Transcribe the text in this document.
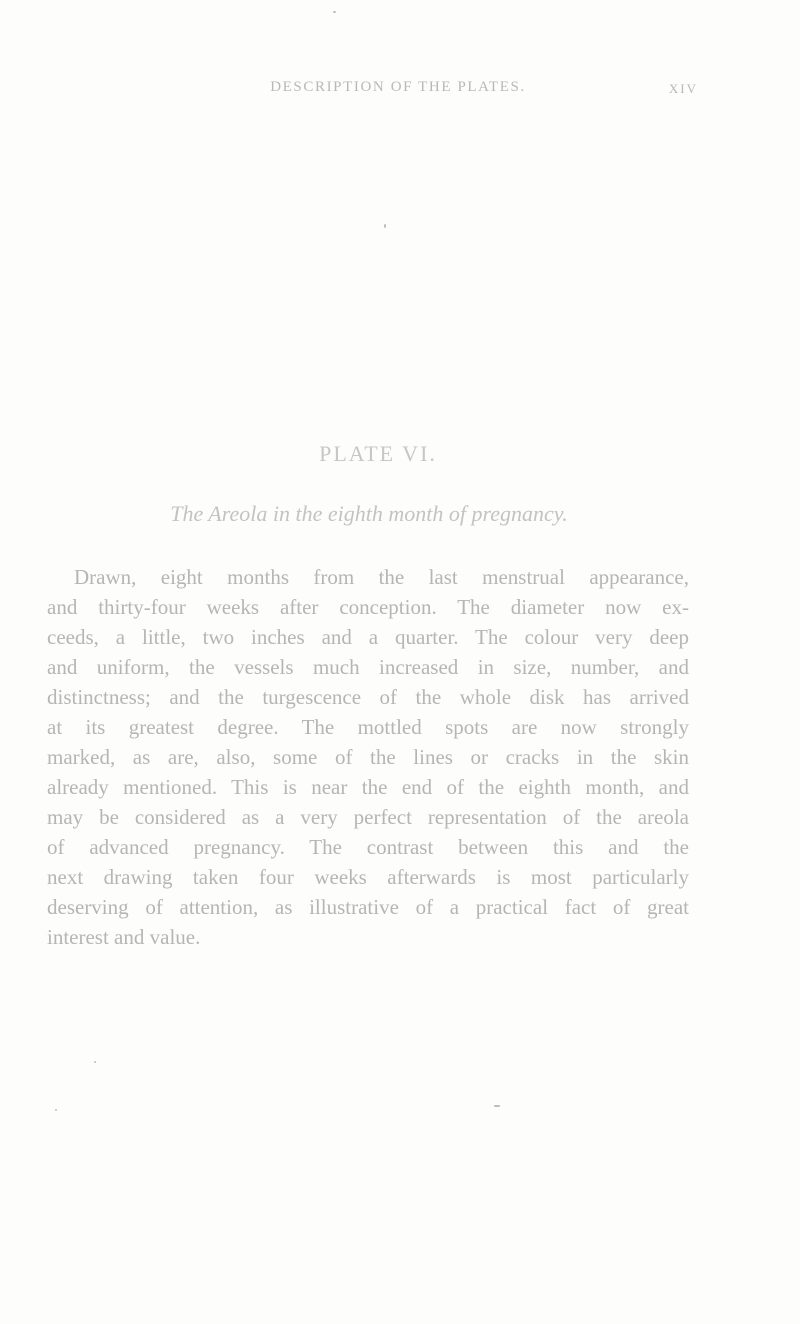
DESCRIPTION OF THE PLATES.	xiv
PLATE VI.
The Areola in the eighth month of pregnancy.
Drawn, eight months from the last menstrual appearance,
and thirty-four weeks after conception. The diameter now ex-
ceeds, a little, two inches and a quarter. The colour very deep
and uniform, the vessels much increased in size, number, and
distinctness; and the turgescence of the whole disk has arrived
at its greatest degree. The mottled spots are now strongly
marked, as are, also, some of the lines or cracks in the skin
already mentioned. This is near the end of the eighth month, and
may be considered as a very perfect representation of the areola
of advanced pregnancy. The contrast between this and the
next drawing taken four weeks afterwards is most particularly
deserving of attention, as illustrative of a practical fact of great
interest and value.
